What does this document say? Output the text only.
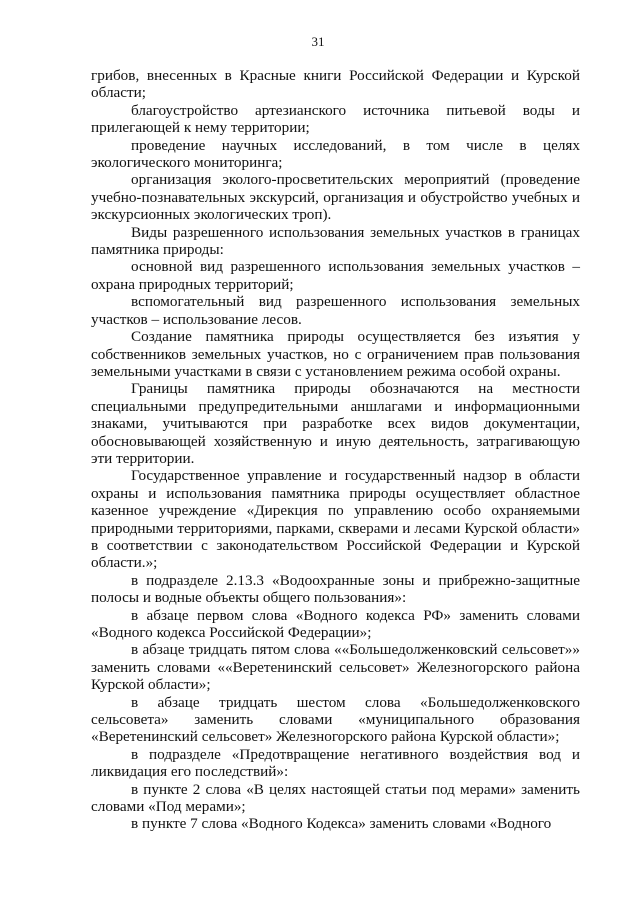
31

грибов, внесенных в Красные книги Российской Федерации и Курской области;

благоустройство артезианского источника питьевой воды и прилегающей к нему территории;

проведение научных исследований, в том числе в целях экологического мониторинга;

организация эколого-просветительских мероприятий (проведение учебно-познавательных экскурсий, организация и обустройство учебных и экскурсионных экологических троп).

Виды разрешенного использования земельных участков в границах памятника природы:

основной вид разрешенного использования земельных участков – охрана природных территорий;

вспомогательный вид разрешенного использования земельных участков – использование лесов.

Создание памятника природы осуществляется без изъятия у собственников земельных участков, но с ограничением прав пользования земельными участками в связи с установлением режима особой охраны.

Границы памятника природы обозначаются на местности специальными предупредительными аншлагами и информационными знаками, учитываются при разработке всех видов документации, обосновывающей хозяйственную и иную деятельность, затрагивающую эти территории.

Государственное управление и государственный надзор в области охраны и использования памятника природы осуществляет областное казенное учреждение «Дирекция по управлению особо охраняемыми природными территориями, парками, скверами и лесами Курской области» в соответствии с законодательством Российской Федерации и Курской области.»;

в подразделе 2.13.3 «Водоохранные зоны и прибрежно-защитные полосы и водные объекты общего пользования»:

в абзаце первом слова «Водного кодекса РФ» заменить словами «Водного кодекса Российской Федерации»;

в абзаце тридцать пятом слова ««Большедолженковский сельсовет»» заменить словами ««Веретенинский сельсовет» Железногорского района Курской области»;

в абзаце тридцать шестом слова «Большедолженковского сельсовета» заменить словами «муниципального образования «Веретенинский сельсовет» Железногорского района Курской области»;

в подразделе «Предотвращение негативного воздействия вод и ликвидация его последствий»:

в пункте 2 слова «В целях настоящей статьи под мерами» заменить словами «Под мерами»;

в пункте 7 слова «Водного Кодекса» заменить словами «Водного
